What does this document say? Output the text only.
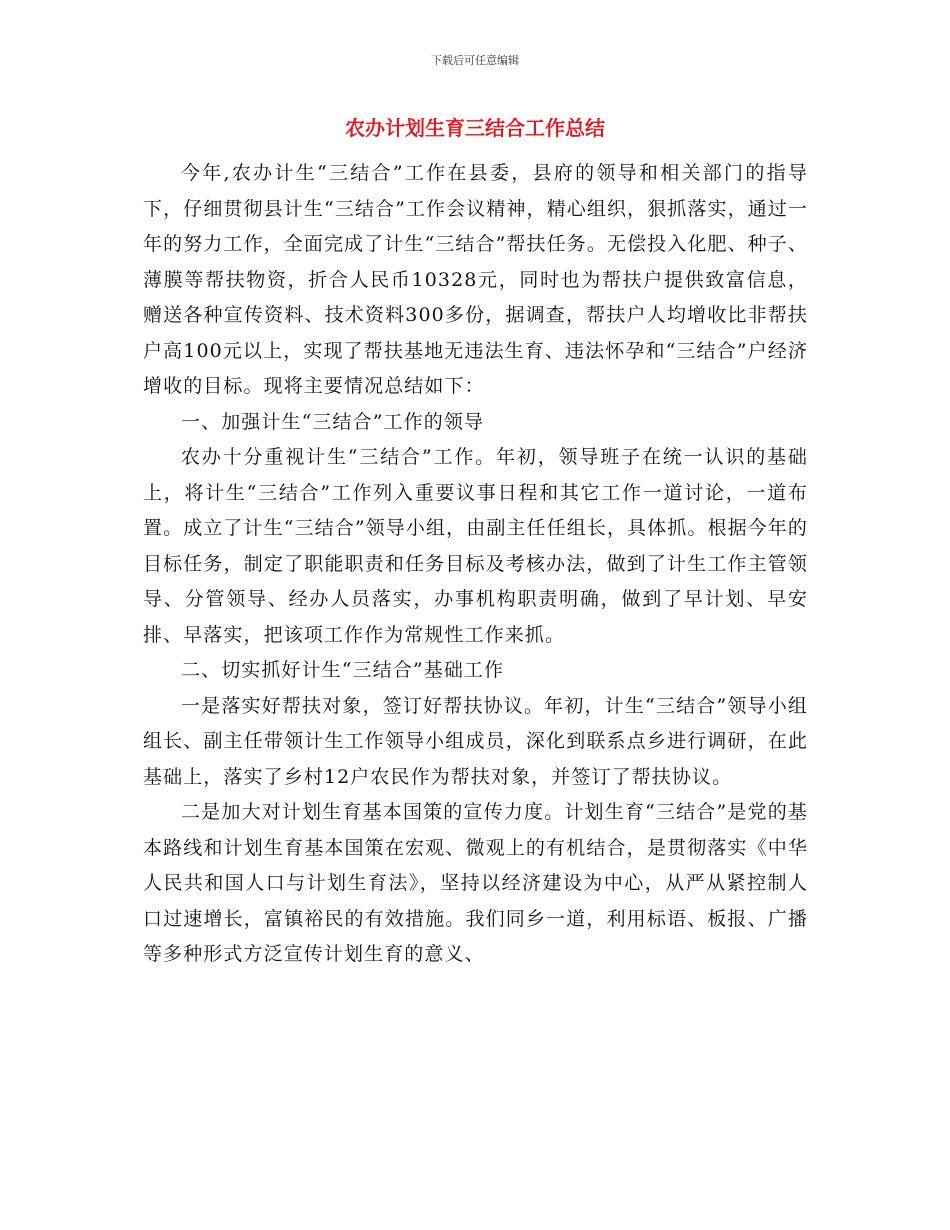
下载后可任意编辑
农办计划生育三结合工作总结

今年,农办计生“三结合”工作在县委，县府的领导和相关部门的指导下，仔细贯彻县计生“三结合”工作会议精神，精心组织，狠抓落实，通过一年的努力工作，全面完成了计生“三结合”帮扶任务。无偿投入化肥、种子、薄膜等帮扶物资，折合人民币10328元，同时也为帮扶户提供致富信息，赠送各种宣传资料、技术资料300多份，据调查，帮扶户人均增收比非帮扶户高100元以上，实现了帮扶基地无违法生育、违法怀孕和“三结合”户经济增收的目标。现将主要情况总结如下：

一、加强计生“三结合”工作的领导

农办十分重视计生“三结合”工作。年初，领导班子在统一认识的基础上，将计生“三结合”工作列入重要议事日程和其它工作一道讨论，一道布置。成立了计生“三结合”领导小组，由副主任任组长，具体抓。根据今年的目标任务，制定了职能职责和任务目标及考核办法，做到了计生工作主管领导、分管领导、经办人员落实，办事机构职责明确，做到了早计划、早安排、早落实，把该项工作作为常规性工作来抓。

二、切实抓好计生“三结合”基础工作

一是落实好帮扶对象，签订好帮扶协议。年初，计生“三结合”领导小组组长、副主任带领计生工作领导小组成员，深化到联系点乡进行调研，在此基础上，落实了乡村12户农民作为帮扶对象，并签订了帮扶协议。

二是加大对计划生育基本国策的宣传力度。计划生育“三结合”是党的基本路线和计划生育基本国策在宏观、微观上的有机结合，是贯彻落实《中华人民共和国人口与计划生育法》，坚持以经济建设为中心，从严从紧控制人口过速增长，富镇裕民的有效措施。我们同乡一道，利用标语、板报、广播等多种形式方泛宣传计划生育的意义、
